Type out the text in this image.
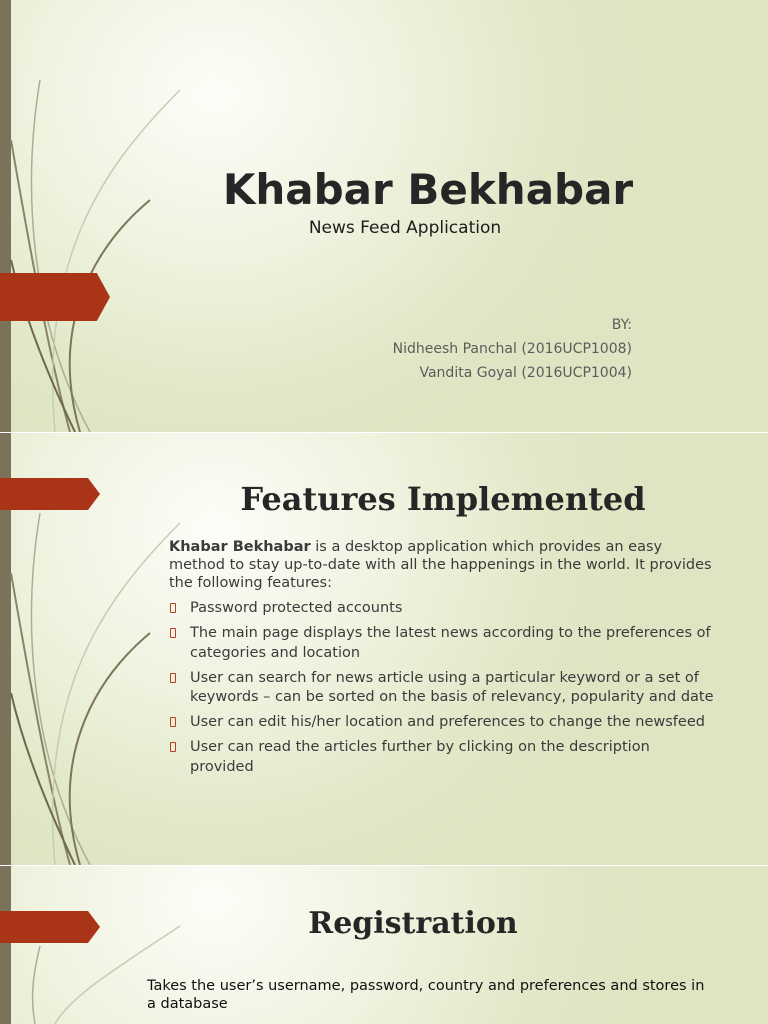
Khabar Bekhabar
News Feed Application
BY:
Nidheesh Panchal (2016UCP1008)
Vandita Goyal (2016UCP1004)
Features Implemented

Khabar Bekhabar is a desktop application which provides an easy method to stay up-to-date with all the happenings in the world. It provides the following features:

Password protected accounts
The main page displays the latest news according to the preferences of categories and location
User can search for news article using a particular keyword or a set of keywords – can be sorted on the basis of relevancy, popularity and date
User can edit his/her location and preferences to change the newsfeed
User can read the articles further by clicking on the description provided
Registration
Takes the user’s username, password, country and preferences and stores in a database
